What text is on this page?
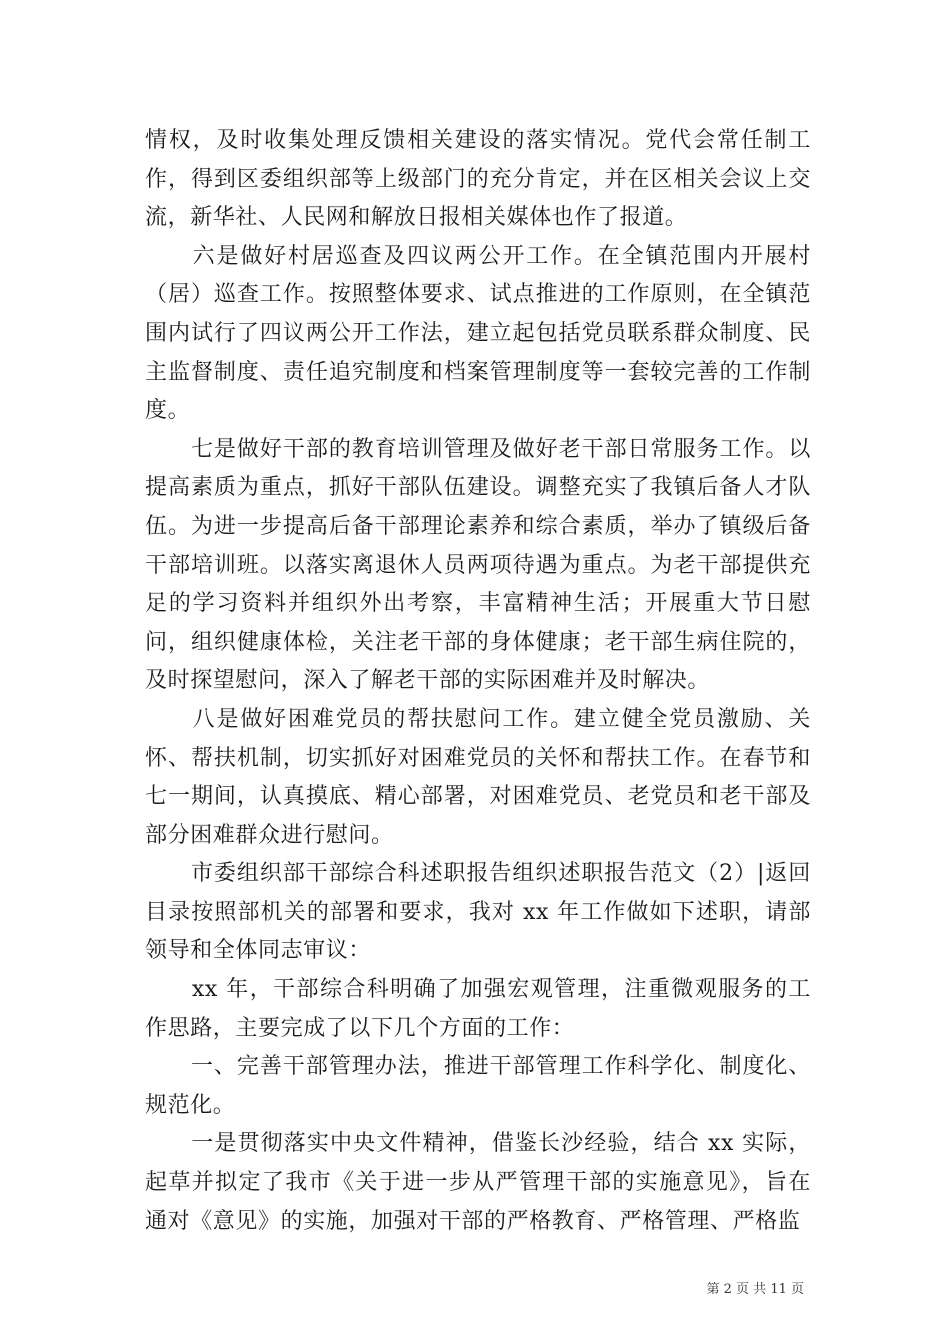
情权，及时收集处理反馈相关建设的落实情况。党代会常任制工作，得到区委组织部等上级部门的充分肯定，并在区相关会议上交流，新华社、人民网和解放日报相关媒体也作了报道。

　　六是做好村居巡查及四议两公开工作。在全镇范围内开展村（居）巡查工作。按照整体要求、试点推进的工作原则，在全镇范围内试行了四议两公开工作法，建立起包括党员联系群众制度、民主监督制度、责任追究制度和档案管理制度等一套较完善的工作制度。

　　七是做好干部的教育培训管理及做好老干部日常服务工作。以提高素质为重点，抓好干部队伍建设。调整充实了我镇后备人才队伍。为进一步提高后备干部理论素养和综合素质，举办了镇级后备干部培训班。以落实离退休人员两项待遇为重点。为老干部提供充足的学习资料并组织外出考察，丰富精神生活；开展重大节日慰问，组织健康体检，关注老干部的身体健康；老干部生病住院的，及时探望慰问，深入了解老干部的实际困难并及时解决。

　　八是做好困难党员的帮扶慰问工作。建立健全党员激励、关怀、帮扶机制，切实抓好对困难党员的关怀和帮扶工作。在春节和七一期间，认真摸底、精心部署，对困难党员、老党员和老干部及部分困难群众进行慰问。

　　市委组织部干部综合科述职报告组织述职报告范文（2）|返回目录按照部机关的部署和要求，我对 xx 年工作做如下述职，请部领导和全体同志审议：

　　xx 年，干部综合科明确了加强宏观管理，注重微观服务的工作思路，主要完成了以下几个方面的工作：

　　一、完善干部管理办法，推进干部管理工作科学化、制度化、规范化。

　　一是贯彻落实中央文件精神，借鉴长沙经验，结合 xx 实际，起草并拟定了我市《关于进一步从严管理干部的实施意见》，旨在通对《意见》的实施，加强对干部的严格教育、严格管理、严格监

第 2 页 共 11 页
